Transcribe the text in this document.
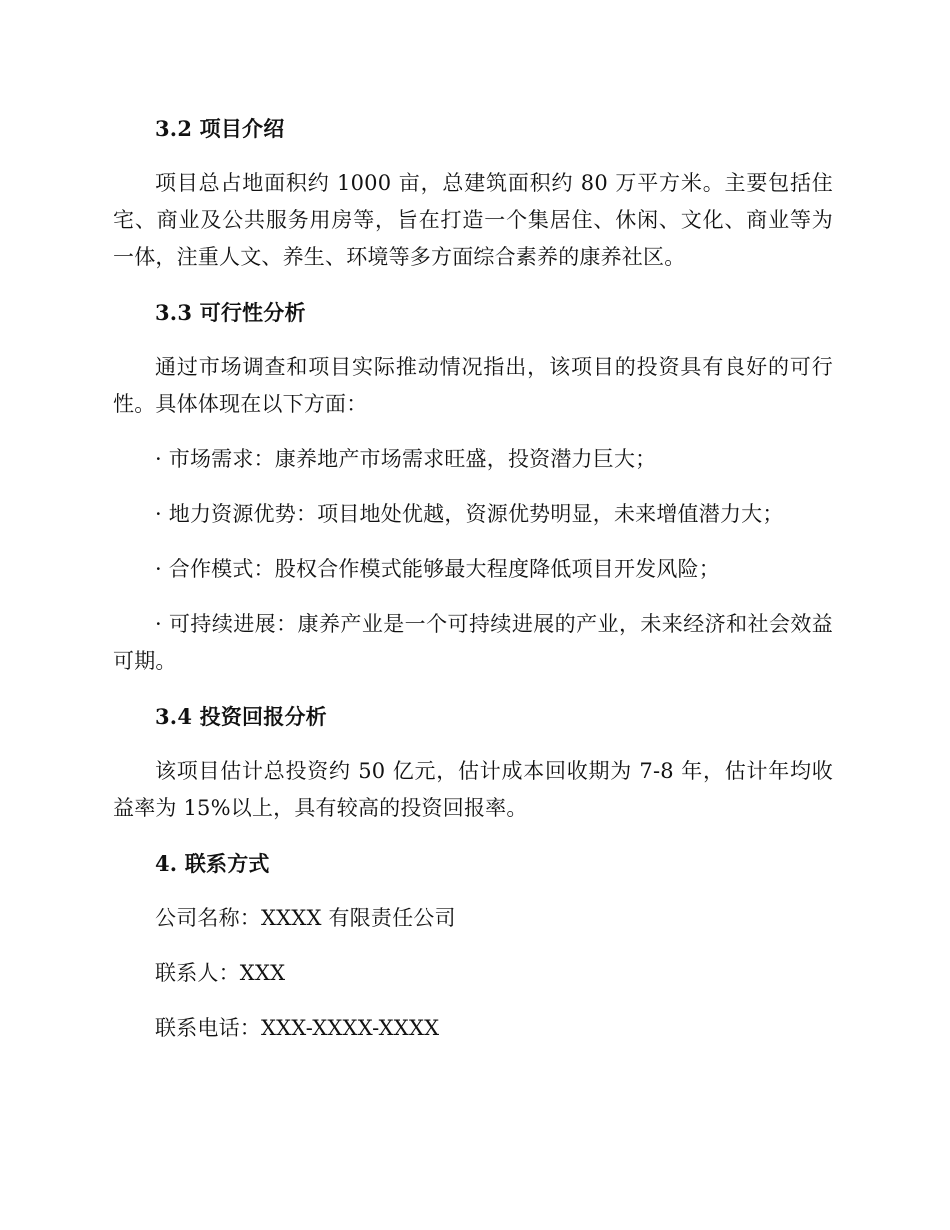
3.2 项目介绍
项目总占地面积约 1000 亩，总建筑面积约 80 万平方米。主要包括住宅、商业及公共服务用房等，旨在打造一个集居住、休闲、文化、商业等为一体，注重人文、养生、环境等多方面综合素养的康养社区。
3.3 可行性分析
通过市场调查和项目实际推动情况指出，该项目的投资具有良好的可行性。具体体现在以下方面：
· 市场需求：康养地产市场需求旺盛，投资潜力巨大；
· 地力资源优势：项目地处优越，资源优势明显，未来增值潜力大；
· 合作模式：股权合作模式能够最大程度降低项目开发风险；
· 可持续进展：康养产业是一个可持续进展的产业，未来经济和社会效益可期。
3.4 投资回报分析
该项目估计总投资约 50 亿元，估计成本回收期为 7-8 年，估计年均收益率为 15%以上，具有较高的投资回报率。
4. 联系方式
公司名称：XXXX 有限责任公司
联系人：XXX
联系电话：XXX-XXXX-XXXX
